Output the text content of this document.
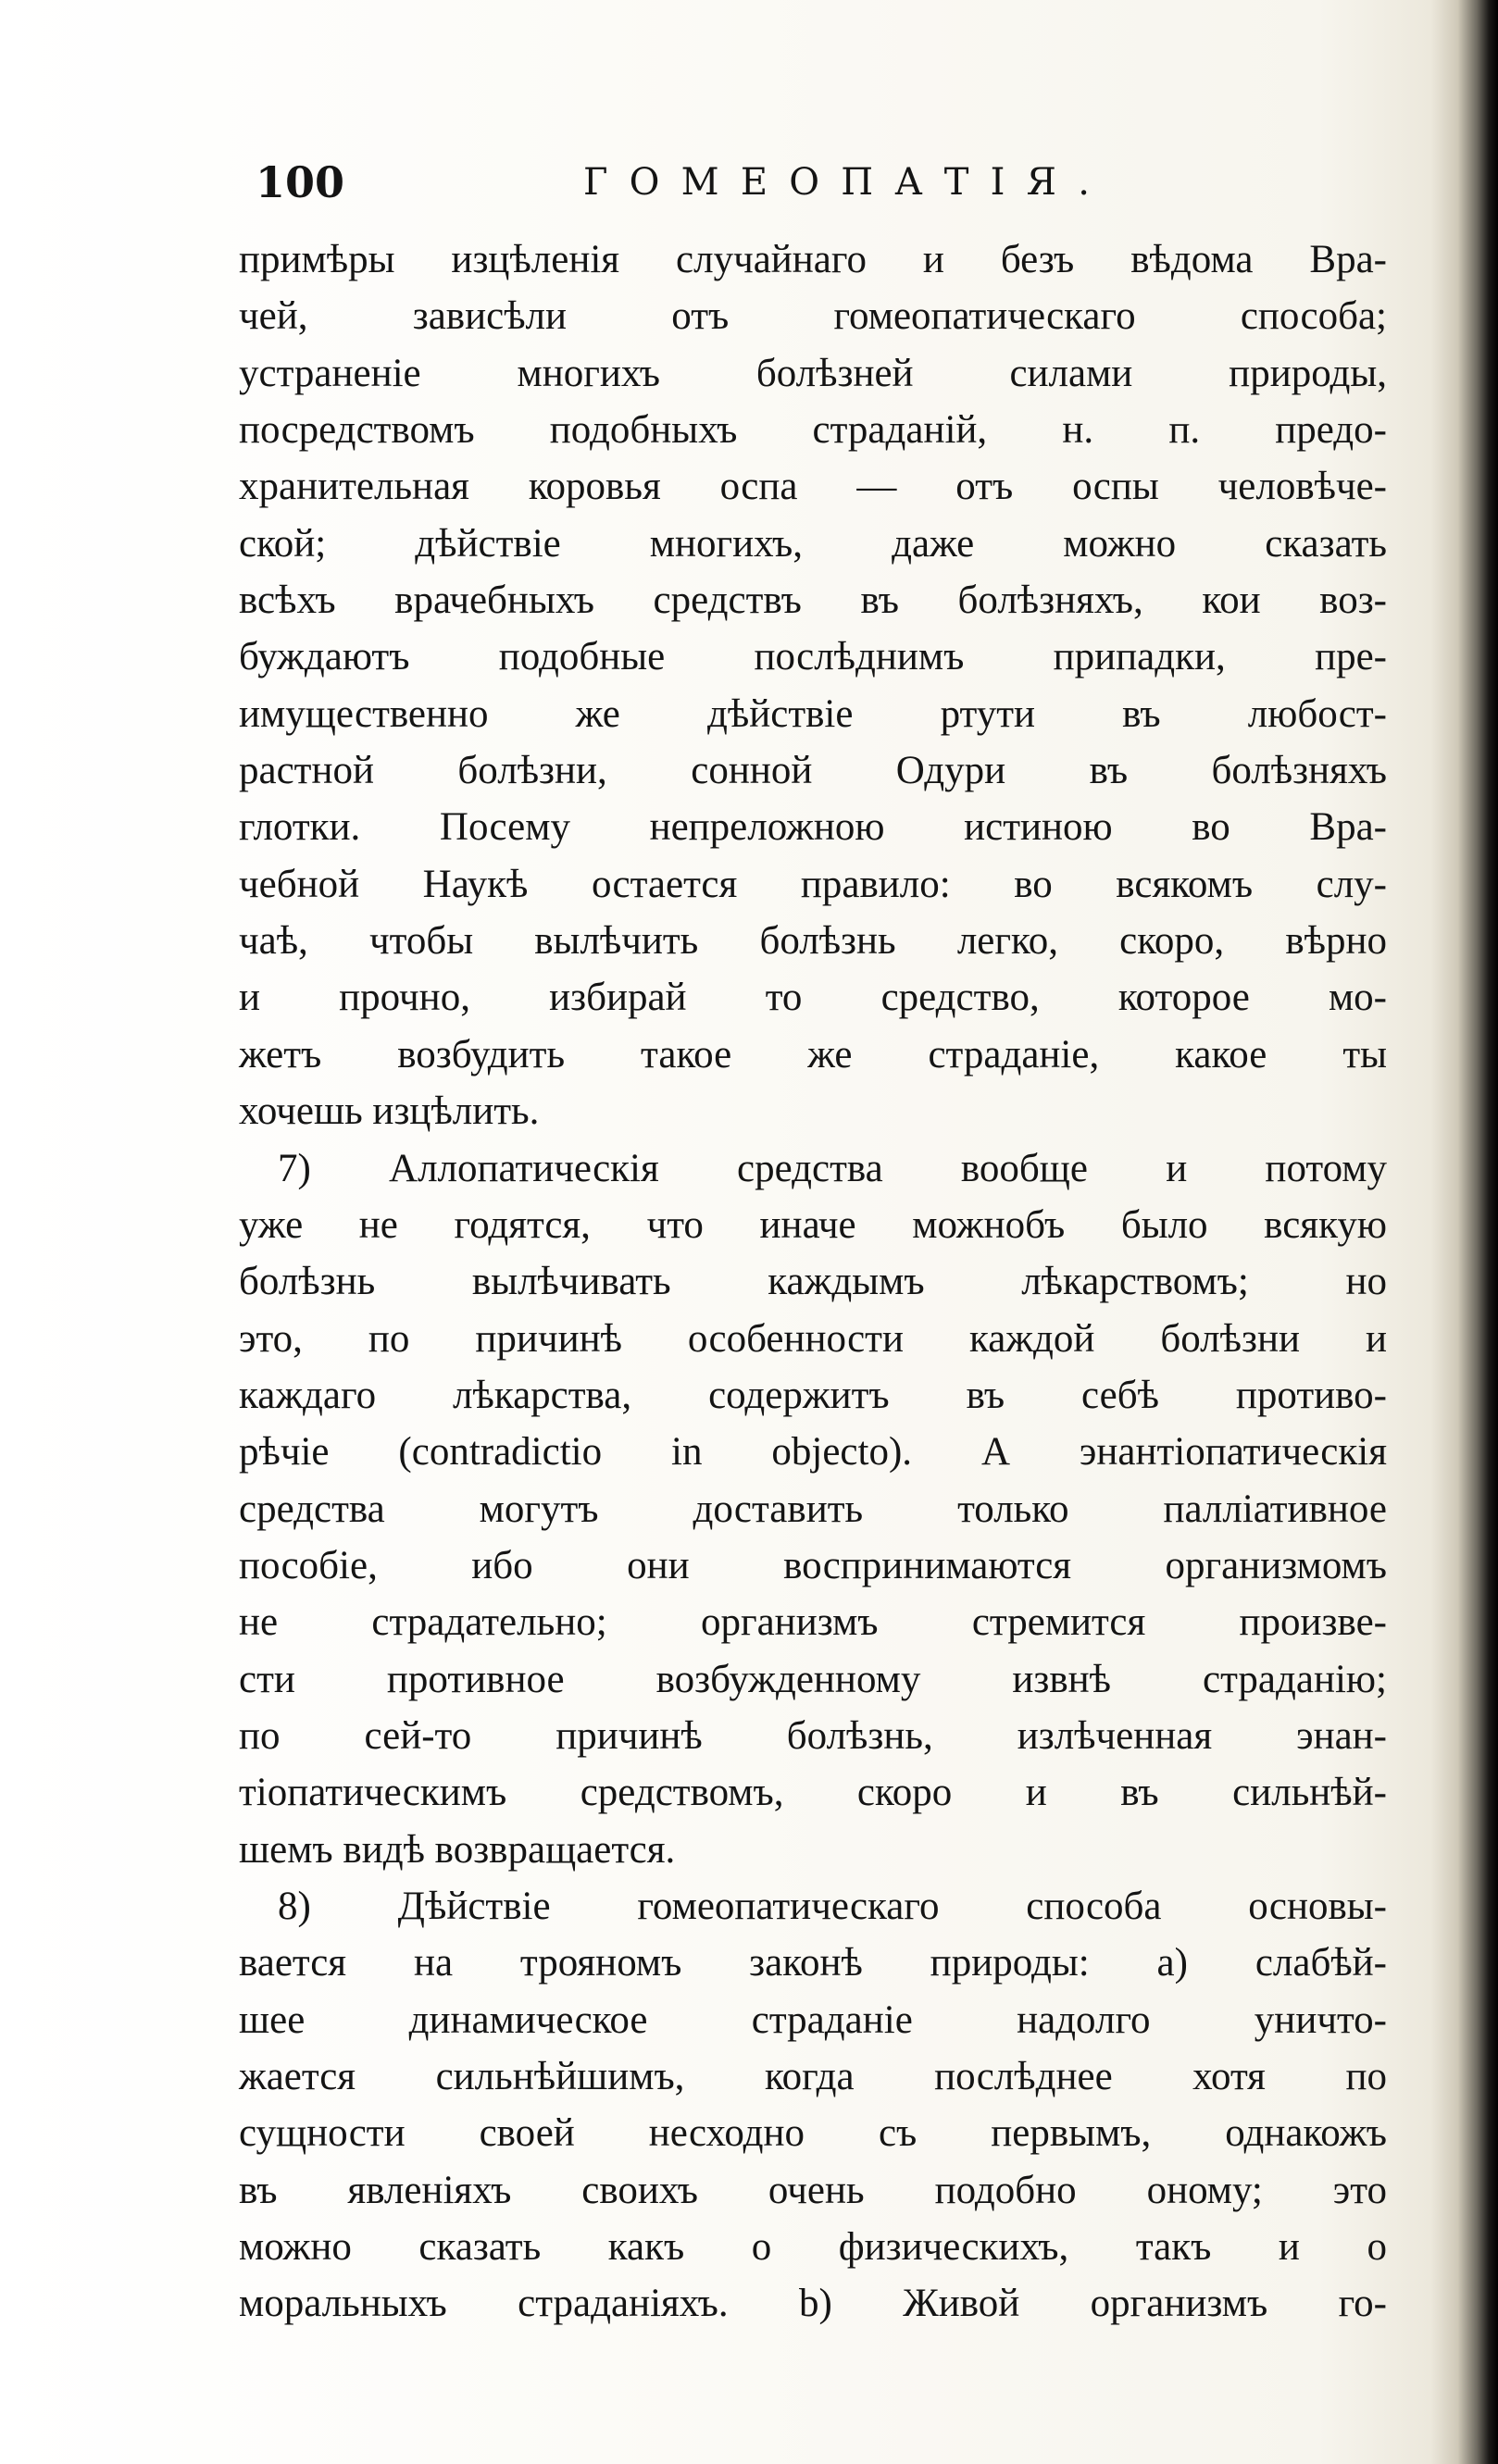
100	ГОМЕОПАТІЯ.

примѣры изцѣленія случайнаго и безъ вѣдома Вра-
чей, зависѣли отъ гомеопатическаго способа;
устраненіе многихъ болѣзней силами природы,
посредствомъ подобныхъ страданій, н. п. предо-
хранительная коровья оспа — отъ оспы человѣче-
ской; дѣйствіе многихъ, даже можно сказать
всѣхъ врачебныхъ средствъ въ болѣзняхъ, кои воз-
буждаютъ подобные послѣднимъ припадки, пре-
имущественно же дѣйствіе ртути въ любост-
растной болѣзни, сонной Одури въ болѣзняхъ
глотки. Посему непреложною истиною во Вра-
чебной Наукѣ остается правило: во всякомъ слу-
чаѣ, чтобы вылѣчить болѣзнь легко, скоро, вѣрно
и прочно, избирай то средство, которое мо-
жетъ возбудить такое же страданіе, какое ты
хочешь изцѣлить.

7) Аллопатическія средства вообще и потому
уже не годятся, что иначе можнобъ было всякую
болѣзнь вылѣчивать каждымъ лѣкарствомъ; но
это, по причинѣ особенности каждой болѣзни и
каждаго лѣкарства, содержитъ въ себѣ противо-
рѣчіе (contradictio in objecto). А энантіопатическія
средства могутъ доставить только палліативное
пособіе, ибо они воспринимаются организмомъ
не страдательно; организмъ стремится произве-
сти противное возбужденному извнѣ страданію;
по сей-то причинѣ болѣзнь, излѣченная энан-
тіопатическимъ средствомъ, скоро и въ сильнѣй-
шемъ видѣ возвращается.

8) Дѣйствіе гомеопатическаго способа основы-
вается на трояномъ законѣ природы: а) слабѣй-
шее динамическое страданіе надолго уничто-
жается сильнѣйшимъ, когда послѣднее хотя по
сущности своей несходно съ первымъ, однакожъ
въ явленіяхъ своихъ очень подобно оному; это
можно сказать какъ о физическихъ, такъ и о
моральныхъ страданіяхъ. b) Живой организмъ го-
